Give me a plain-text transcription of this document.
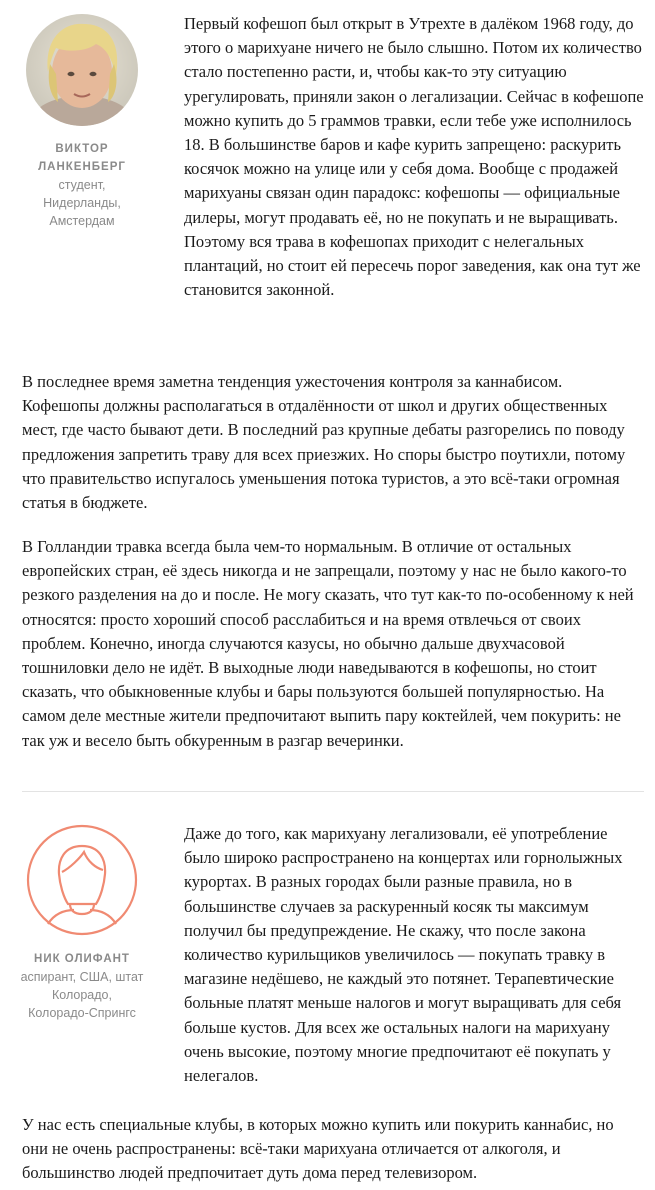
ВИКТОР ЛАНКЕНБЕРГ
студент, Нидерланды, Амстердам

Первый кофешоп был открыт в Утрехте в далёком 1968 году, до этого о марихуане ничего не было слышно. Потом их количество стало постепенно расти, и, чтобы как-то эту ситуацию урегулировать, приняли закон о легализации. Сейчас в кофешопе можно купить до 5 граммов травки, если тебе уже исполнилось 18. В большинстве баров и кафе курить запрещено: раскурить косячок можно на улице или у себя дома. Вообще с продажей марихуаны связан один парадокс: кофешопы — официальные дилеры, могут продавать её, но не покупать и не выращивать. Поэтому вся трава в кофешопах приходит с нелегальных плантаций, но стоит ей пересечь порог заведения, как она тут же становится законной.

В последнее время заметна тенденция ужесточения контроля за каннабисом. Кофешопы должны располагаться в отдалённости от школ и других общественных мест, где часто бывают дети. В последний раз крупные дебаты разгорелись по поводу предложения запретить траву для всех приезжих. Но споры быстро поутихли, потому что правительство испугалось уменьшения потока туристов, а это всё-таки огромная статья в бюджете.

В Голландии травка всегда была чем-то нормальным. В отличие от остальных европейских стран, её здесь никогда и не запрещали, поэтому у нас не было какого-то резкого разделения на до и после. Не могу сказать, что тут как-то по-особенному к ней относятся: просто хороший способ расслабиться и на время отвлечься от своих проблем. Конечно, иногда случаются казусы, но обычно дальше двухчасовой тошниловки дело не идёт. В выходные люди наведываются в кофешопы, но стоит сказать, что обыкновенные клубы и бары пользуются большей популярностью. На самом деле местные жители предпочитают выпить пару коктейлей, чем покурить: не так уж и весело быть обкуренным в разгар вечеринки.

НИК ОЛИФАНТ
аспирант, США, штат Колорадо, Колорадо-Спрингс

Даже до того, как марихуану легализовали, её употребление было широко распространено на концертах или горнолыжных курортах. В разных городах были разные правила, но в большинстве случаев за раскуренный косяк ты максимум получил бы предупреждение. Не скажу, что после закона количество курильщиков увеличилось — покупать травку в магазине недёшево, не каждый это потянет. Терапевтические больные платят меньше налогов и могут выращивать для себя больше кустов. Для всех же остальных налоги на марихуану очень высокие, поэтому многие предпочитают её покупать у нелегалов.

У нас есть специальные клубы, в которых можно купить или покурить каннабис, но они не очень распространены: всё-таки марихуана отличается от алкоголя, и большинство людей предпочитает дуть дома перед телевизором.
